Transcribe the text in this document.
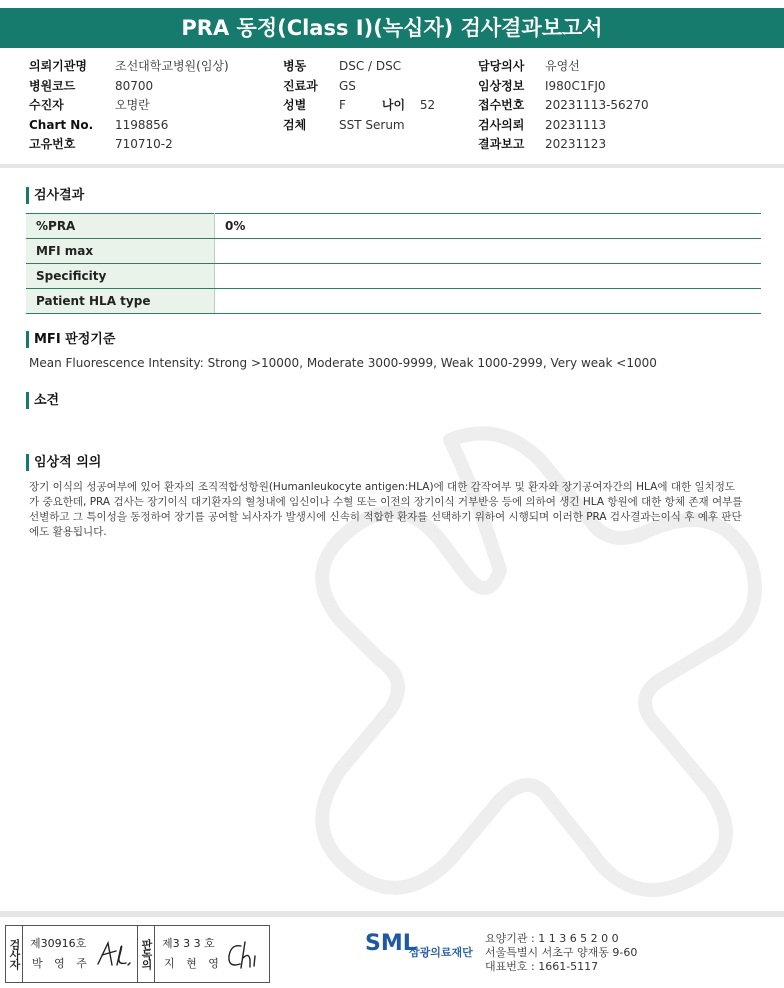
PRA 동정(Class I)(녹십자) 검사결과보고서
의뢰기관명	조선대학교병원(임상)
병원코드	80700
수진자	오명란
Chart No.	1198856
고유번호	710710-2
병동	DSC / DSC
진료과	GS
성별	F	나이	52
검체	SST Serum
담당의사	유영선
임상정보	I980C1FJ0
접수번호	20231113-56270
검사의뢰	20231113
결과보고	20231123
검사결과
%PRA	0%
MFI max	
Specificity	
Patient HLA type	
MFI 판정기준
Mean Fluorescence Intensity: Strong >10000, Moderate 3000-9999, Weak 1000-2999, Very weak <1000
소견
임상적 의의
장기 이식의 성공여부에 있어 환자의 조직적합성항원(Humanleukocyte antigen:HLA)에 대한 감작여부 및 환자와 장기공여자간의 HLA에 대한 일치정도가 중요한데, PRA 검사는 장기이식 대기환자의 혈청내에 임신이나 수혈 또는 이전의 장기이식 거부반응 등에 의하여 생긴 HLA 항원에 대한 항체 존재 여부를 선별하고 그 특이성을 동정하여 장기를 공여할 뇌사자가 발생시에 신속히 적합한 환자를 선택하기 위하여 시행되며 이러한 PRA 검사결과는이식 후 예후 판단에도 활용됩니다.
검사자 제30916호
박 영 주	판독의 제3 3 3 호
지 현 영
SML
삼광의료재단
요양기관 : 1 1 3 6 5 2 0 0
서울특별시 서초구 양재동 9-60
대표번호 : 1661-5117
